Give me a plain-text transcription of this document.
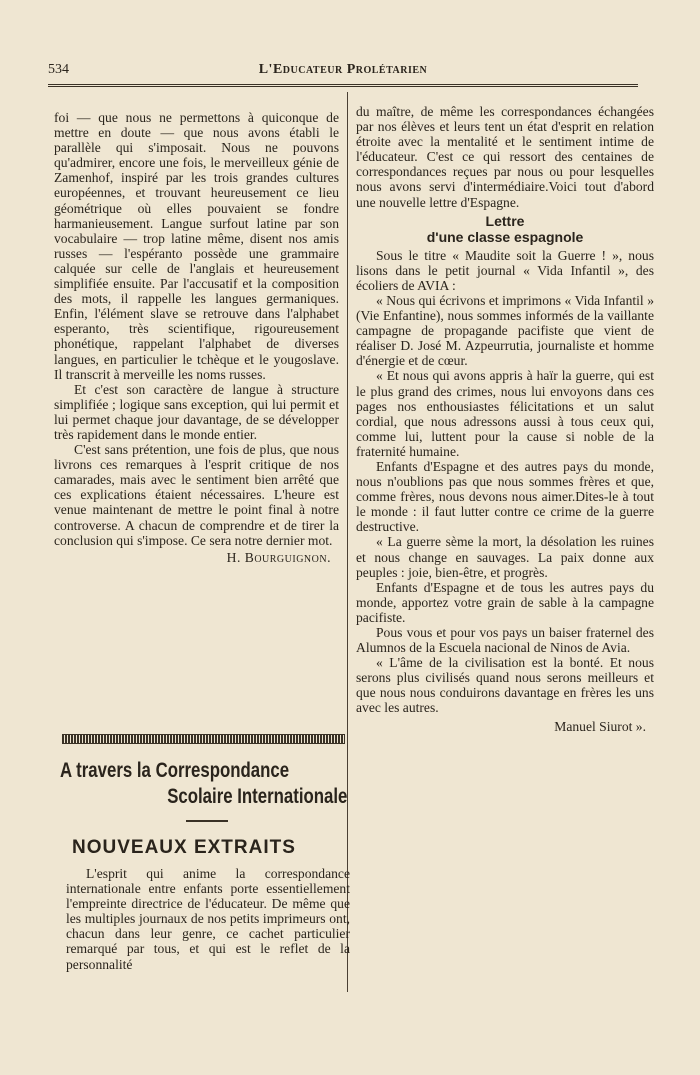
534	L'Educateur Prolétarien

foi — que nous ne permettons à quiconque de mettre en doute — que nous avons établi le parallèle qui s'imposait. Nous ne pouvons qu'admirer, encore une fois, le merveilleux génie de Zamenhof, inspiré par les trois grandes cultures européennes, et trouvant heureusement ce lieu géométrique où elles pouvaient se fondre harmanieusement. Langue surfout latine par son vocabulaire — trop latine même, disent nos amis russes — l'espéranto possède une grammaire calquée sur celle de l'anglais et heureusement simplifiée ensuite. Par l'accusatif et la composition des mots, il rappelle les langues germaniques. Enfin, l'élément slave se retrouve dans l'alphabet esperanto, très scientifique, rigoureusement phonétique, rappelant l'alphabet de diverses langues, en particulier le tchèque et le yougoslave. Il transcrit à merveille les noms russes.

Et c'est son caractère de langue à structure simplifiée ; logique sans exception, qui lui permit et lui permet chaque jour davantage, de se développer très rapidement dans le monde entier.

C'est sans prétention, une fois de plus, que nous livrons ces remarques à l'esprit critique de nos camarades, mais avec le sentiment bien arrêté que ces explications étaient nécessaires. L'heure est venue maintenant de mettre le point final à notre controverse. A chacun de comprendre et de tirer la conclusion qui s'impose. Ce sera notre dernier mot.

H. Bourguignon.

A travers la Correspondance
Scolaire Internationale
NOUVEAUX EXTRAITS

L'esprit qui anime la correspondance internationale entre enfants porte essentiellement l'empreinte directrice de l'éducateur. De même que les multiples journaux de nos petits imprimeurs ont, chacun dans leur genre, ce cachet particulier remarqué par tous, et qui est le reflet de la personnalité

du maître, de même les correspondances échangées par nos élèves et leurs tent un état d'esprit en relation étroite avec la mentalité et le sentiment intime de l'éducateur. C'est ce qui ressort des centaines de correspondances reçues par nous ou pour lesquelles nous avons servi d'intermédiaire.Voici tout d'abord une nouvelle lettre d'Espagne.

Lettre
d'une classe espagnole

Sous le titre « Maudite soit la Guerre ! », nous lisons dans le petit journal « Vida Infantil », des écoliers de AVIA :

« Nous qui écrivons et imprimons « Vida Infantil » (Vie Enfantine), nous sommes informés de la vaillante campagne de propagande pacifiste que vient de réaliser D. José M. Azpeurrutia, journaliste et homme d'énergie et de cœur.

« Et nous qui avons appris à haïr la guerre, qui est le plus grand des crimes, nous lui envoyons dans ces pages nos enthousiastes félicitations et un salut cordial, que nous adressons aussi à tous ceux qui, comme lui, luttent pour la cause si noble de la fraternité humaine.

Enfants d'Espagne et des autres pays du monde, nous n'oublions pas que nous sommes frères et que, comme frères, nous devons nous aimer.Dites-le à tout le monde : il faut lutter contre ce crime de la guerre destructive.

« La guerre sème la mort, la désolation les ruines et nous change en sauvages. La paix donne aux peuples : joie, bien-être, et progrès.

Enfants d'Espagne et de tous les autres pays du monde, apportez votre grain de sable à la campagne pacifiste.

Pous vous et pour vos pays un baiser fraternel des Alumnos de la Escuela nacional de Ninos de Avia.

« L'âme de la civilisation est la bonté. Et nous serons plus civilisés quand nous serons meilleurs et que nous nous conduirons davantage en frères les uns avec les autres.

Manuel Siurot ».
